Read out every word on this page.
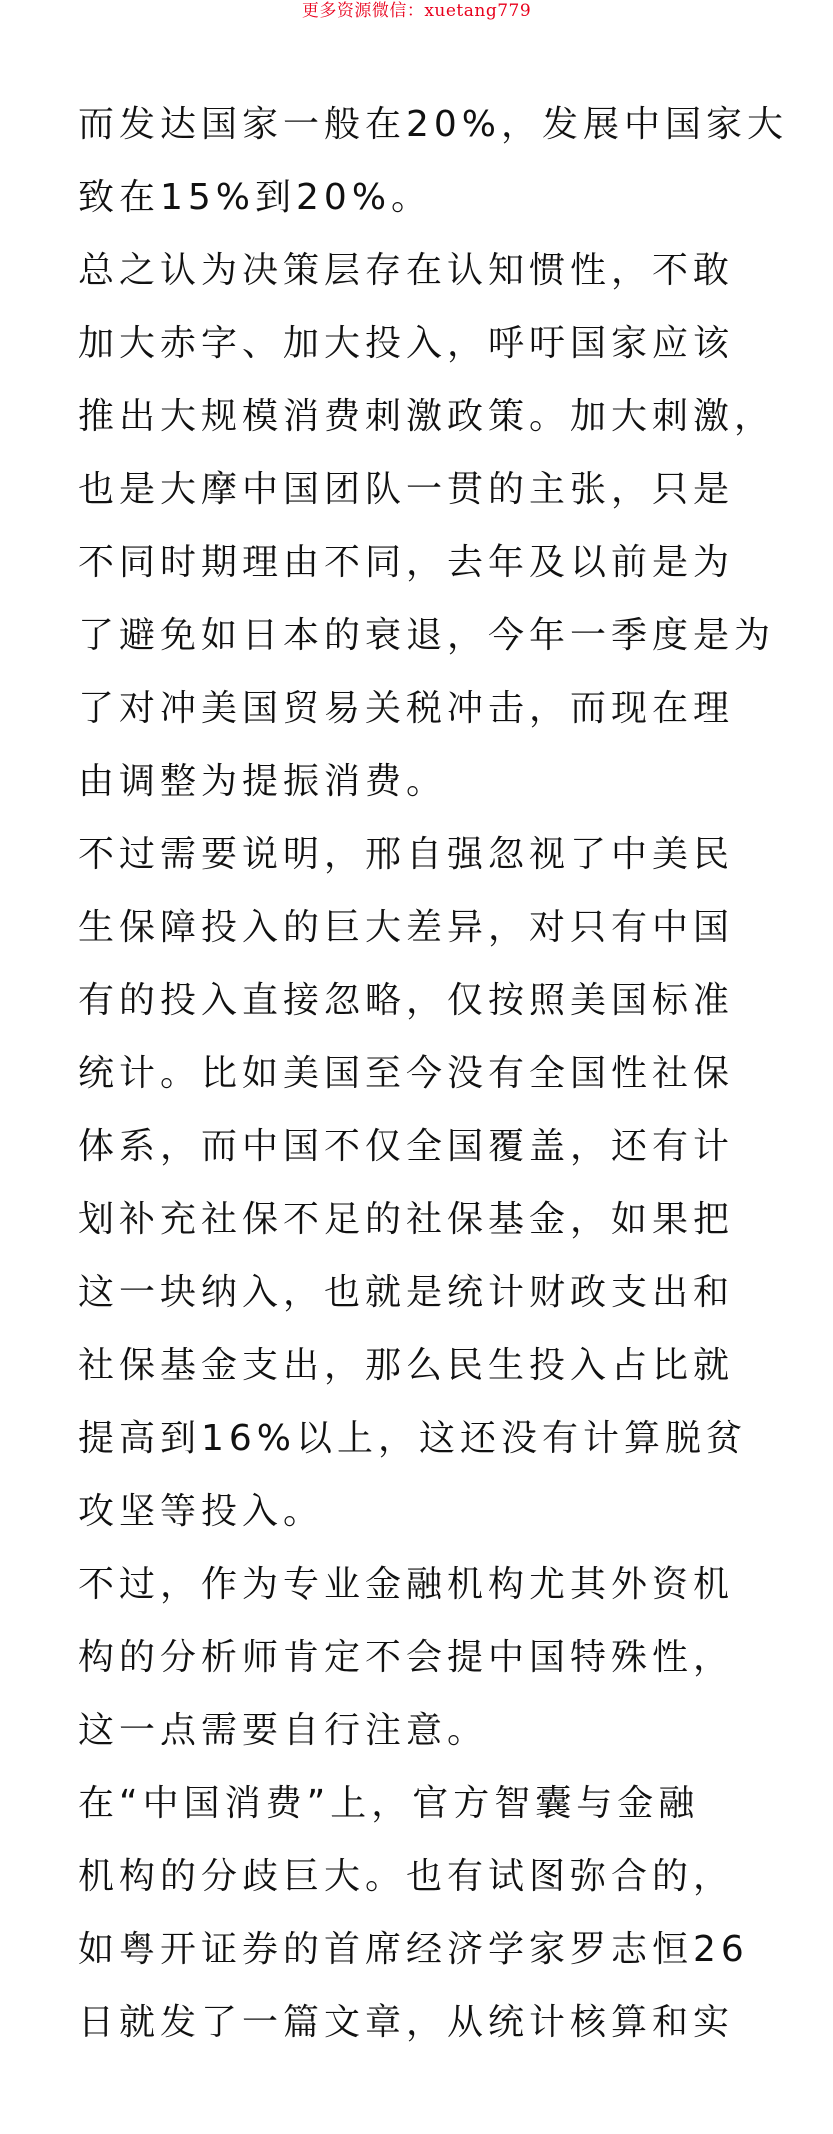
更多资源微信：xuetang779
而发达国家一般在20%，发展中国家大
致在15%到20%。
总之认为决策层存在认知惯性，不敢
加大赤字、加大投入，呼吁国家应该
推出大规模消费刺激政策。加大刺激，
也是大摩中国团队一贯的主张，只是
不同时期理由不同，去年及以前是为
了避免如日本的衰退，今年一季度是为
了对冲美国贸易关税冲击，而现在理
由调整为提振消费。
不过需要说明，邢自强忽视了中美民
生保障投入的巨大差异，对只有中国
有的投入直接忽略，仅按照美国标准
统计。比如美国至今没有全国性社保
体系，而中国不仅全国覆盖，还有计
划补充社保不足的社保基金，如果把
这一块纳入，也就是统计财政支出和
社保基金支出，那么民生投入占比就
提高到16%以上，这还没有计算脱贫
攻坚等投入。
不过，作为专业金融机构尤其外资机
构的分析师肯定不会提中国特殊性，
这一点需要自行注意。
在“中国消费”上，官方智囊与金融
机构的分歧巨大。也有试图弥合的，
如粤开证券的首席经济学家罗志恒26
日就发了一篇文章，从统计核算和实
